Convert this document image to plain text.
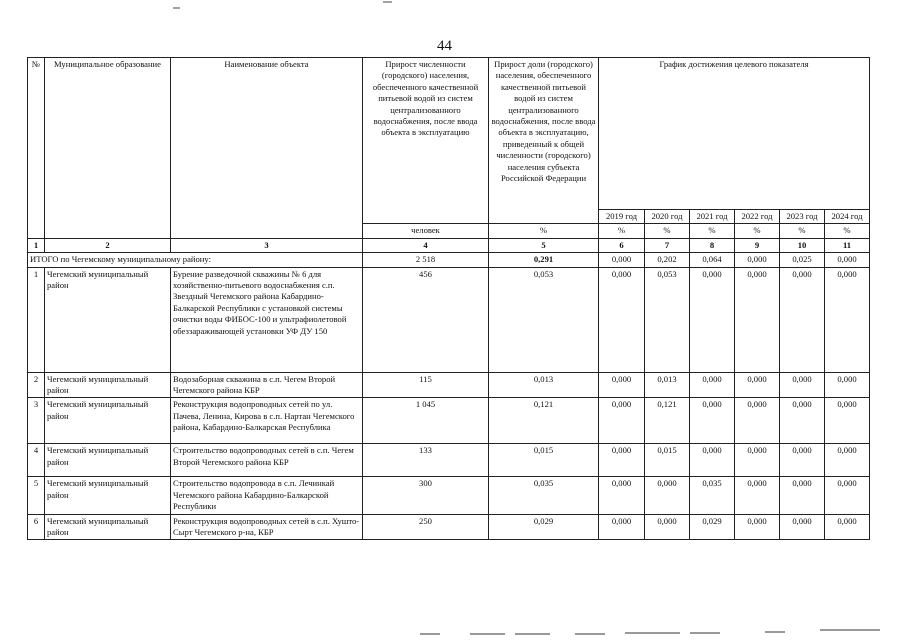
44
№	Муниципальное образование	Наименование объекта	Прирост численности (городского) населения, обеспеченного качественной питьевой водой из систем централизованного водоснабжения, после ввода объекта в эксплуатацию	Прирост доли (городского) населения, обеспеченного качественной питьевой водой из систем централизованного водоснабжения, после ввода объекта в эксплуатацию, приведенный к общей численности (городского) населения субъекта Российской Федерации	График достижения целевого показателя					
					2019 год	2020 год	2021 год	2022 год	2023 год	2024 год
			человек	%	%	%	%	%	%	%
1	2	3	4	5	6	7	8	9	10	11
ИТОГО по Чегемскому муниципальному району:			2 518	0,291	0,000	0,202	0,064	0,000	0,025	0,000
1	Чегемский муниципальный район	Бурение разведочной скважины № 6 для хозяйственно-питьевого водоснабжения с.п. Звездный Чегемского района Кабардино-Балкарской Республики с установкой системы очистки воды ФИБОС-100 и ультрафиолетовой обеззараживающей установки УФ ДУ 150	456	0,053	0,000	0,053	0,000	0,000	0,000	0,000
2	Чегемский муниципальный район	Водозаборная скважина в с.п. Чегем Второй Чегемского района КБР	115	0,013	0,000	0,013	0,000	0,000	0,000	0,000
3	Чегемский муниципальный район	Реконструкция водопроводных сетей по ул. Пачева, Ленина, Кирова в с.п. Нартан Чегемского района, Кабардино-Балкарская Республика	1 045	0,121	0,000	0,121	0,000	0,000	0,000	0,000
4	Чегемский муниципальный район	Строительство водопроводных сетей в с.п. Чегем Второй Чегемского района КБР	133	0,015	0,000	0,015	0,000	0,000	0,000	0,000
5	Чегемский муниципальный район	Строительство водопровода в с.п. Лечинкай Чегемского района Кабардино-Балкарской Республики	300	0,035	0,000	0,000	0,035	0,000	0,000	0,000
6	Чегемский муниципальный район	Реконструкция водопроводных сетей в с.п. Хушто-Сырт Чегемского р-на, КБР	250	0,029	0,000	0,000	0,029	0,000	0,000	0,000
